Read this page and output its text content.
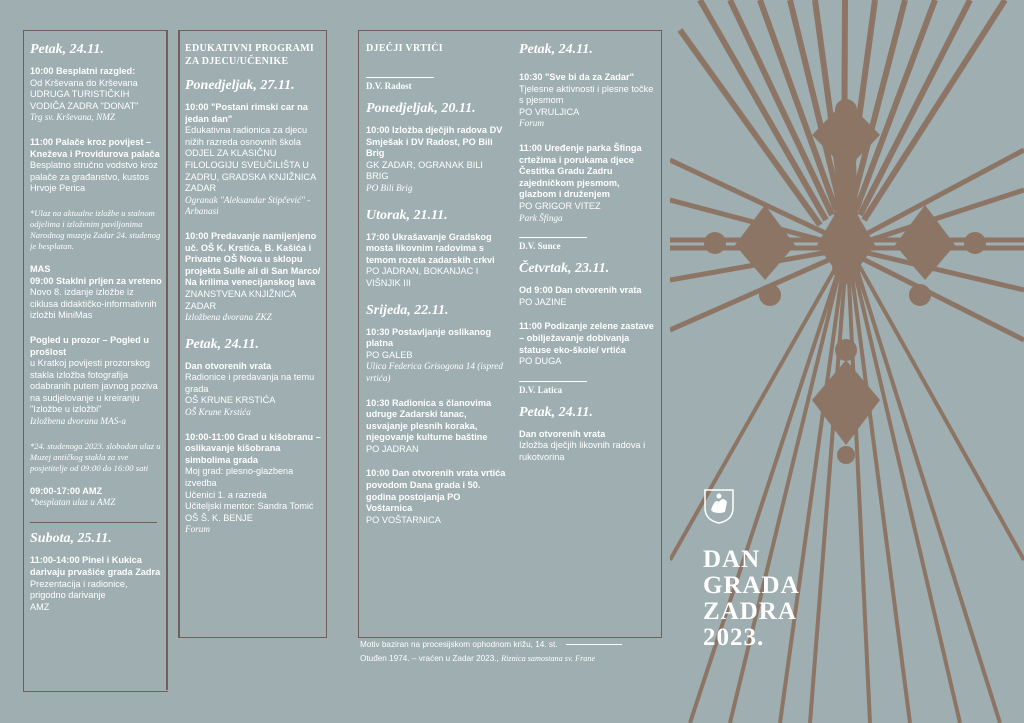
Petak, 24.11.
10:00 Besplatni razgled:
Od Krševana do Krševana UDRUGA TURISTIČKIH VODIČA ZADRA "DONAT"
Trg sv. Krševana, NMZ
11:00 Palače kroz povijest – Kneževa i Providurova palača
Besplatno stručno vodstvo kroz palače za građanstvo, kustos Hrvoje Perica
*Ulaz na aktualne izložbe u stalnom odjelima i izloženim paviljonima Narodnog muzeja Zadar 24. studenog je besplatan.
MAS
09:00 Staklni prljen za vreteno
Novo 8. izdanje izložbe iz ciklusa didaktičko-informativnih izložbi MiniMas
Pogled u prozor – Pogled u prošlost
u Kratkoj povijesti prozorskog stakla izložba fotografija odabranih putem javnog poziva na sudjelovanje u kreiranju "Izložbe u izložbi"
Izložbena dvorana MAS-a
*24. studenoga 2023. slobodan ulaz u Muzej antičkog stakla za sve posjetitelje od 09:00 do 16:00 sati
09:00-17:00 AMZ
*besplatan ulaz u AMZ
Subota, 25.11.
11:00-14:00 Pinel i Kukica darivaju prvašiće grada Zadra
Prezentacija i radionice, prigodno darivanje
AMZ
EDUKATIVNI PROGRAMI ZA DJECU/UČENIKE
Ponedjeljak, 27.11.
10:00 "Postani rimski car na jedan dan"
Edukativna radionica za djecu nižih razreda osnovnih škola ODJEL ZA KLASIČNU FILOLOGIJU SVEUČILIŠTA U ZADRU, GRADSKA KNJIŽNICA ZADAR
Ogranak "Aleksandar Stipčević" - Arbanasi
10:00 Predavanje namijenjeno uč. OŠ K. Krstića, B. Kašića i Privatne OŠ Nova u sklopu projekta Sulle ali di San Marco/ Na krilima venecijanskog lava
ZNANSTVENA KNJIŽNICA ZADAR
Izložbena dvorana ZKZ
Petak, 24.11.
Dan otvorenih vrata
Radionice i predavanja na temu grada
OŠ KRUNE KRSTIĆA
OŠ Krune Krstića
10:00-11:00 Grad u kišobranu – oslikavanje kišobrana simbolima grada
Moj grad: plesno-glazbena izvedba
Učenici 1. a razreda
Učiteljski mentor: Sandra Tomić
OŠ Š. K. BENJE
Forum
DJEČJI VRTIĆI
D.V. Radost
Ponedjeljak, 20.11.
10:00 Izložba dječjih radova DV Smješak i DV Radost, PO Bili Brig
GK ZADAR, OGRANAK BILI BRIG
PO Bili Brig
Utorak, 21.11.
17:00 Ukrašavanje Gradskog mosta likovnim radovima s temom rozeta zadarskih crkvi
PO JADRAN, BOKANJAC I VIŠNJIK III
Srijeda, 22.11.
10:30 Postavljanje oslikanog platna
PO GALEB
Ulica Federica Grisogona 14 (ispred vrtića)
10:30 Radionica s članovima udruge Zadarski tanac, usvajanje plesnih koraka, njegovanje kulturne baštine
PO JADRAN
10:00 Dan otvorenih vrata vrtića povodom Dana grada i 50. godina postojanja PO Voštarnica
PO VOŠTARNICA
Petak, 24.11.
10:30 "Sve bi da za Zadar"
Tjelesne aktivnosti i plesne točke s pjesmom
PO VRULJICA
Forum
11:00 Uređenje parka Šfinga crtežima i porukama djece Čestitka Gradu Zadru zajedničkom pjesmom, glazbom i druženjem
PO GRIGOR VITEZ
Park Šfinga
D.V. Sunce
Četvrtak, 23.11.
Od 9:00 Dan otvorenih vrata
PO JAZINE
11:00 Podizanje zelene zastave – obilježavanje dobivanja statuse eko-škole/ vrtića
PO DUGA
D.V. Latica
Petak, 24.11.
Dan otvorenih vrata
Izložba dječjih likovnih radova i rukotvorina
Motiv baziran na procesijskom ophodnom križu, 14. st.
Otuđen 1974. – vraćen u Zadar 2023., Riznica samostana sv. Frane
DAN
GRADA
ZADRA
2023.
